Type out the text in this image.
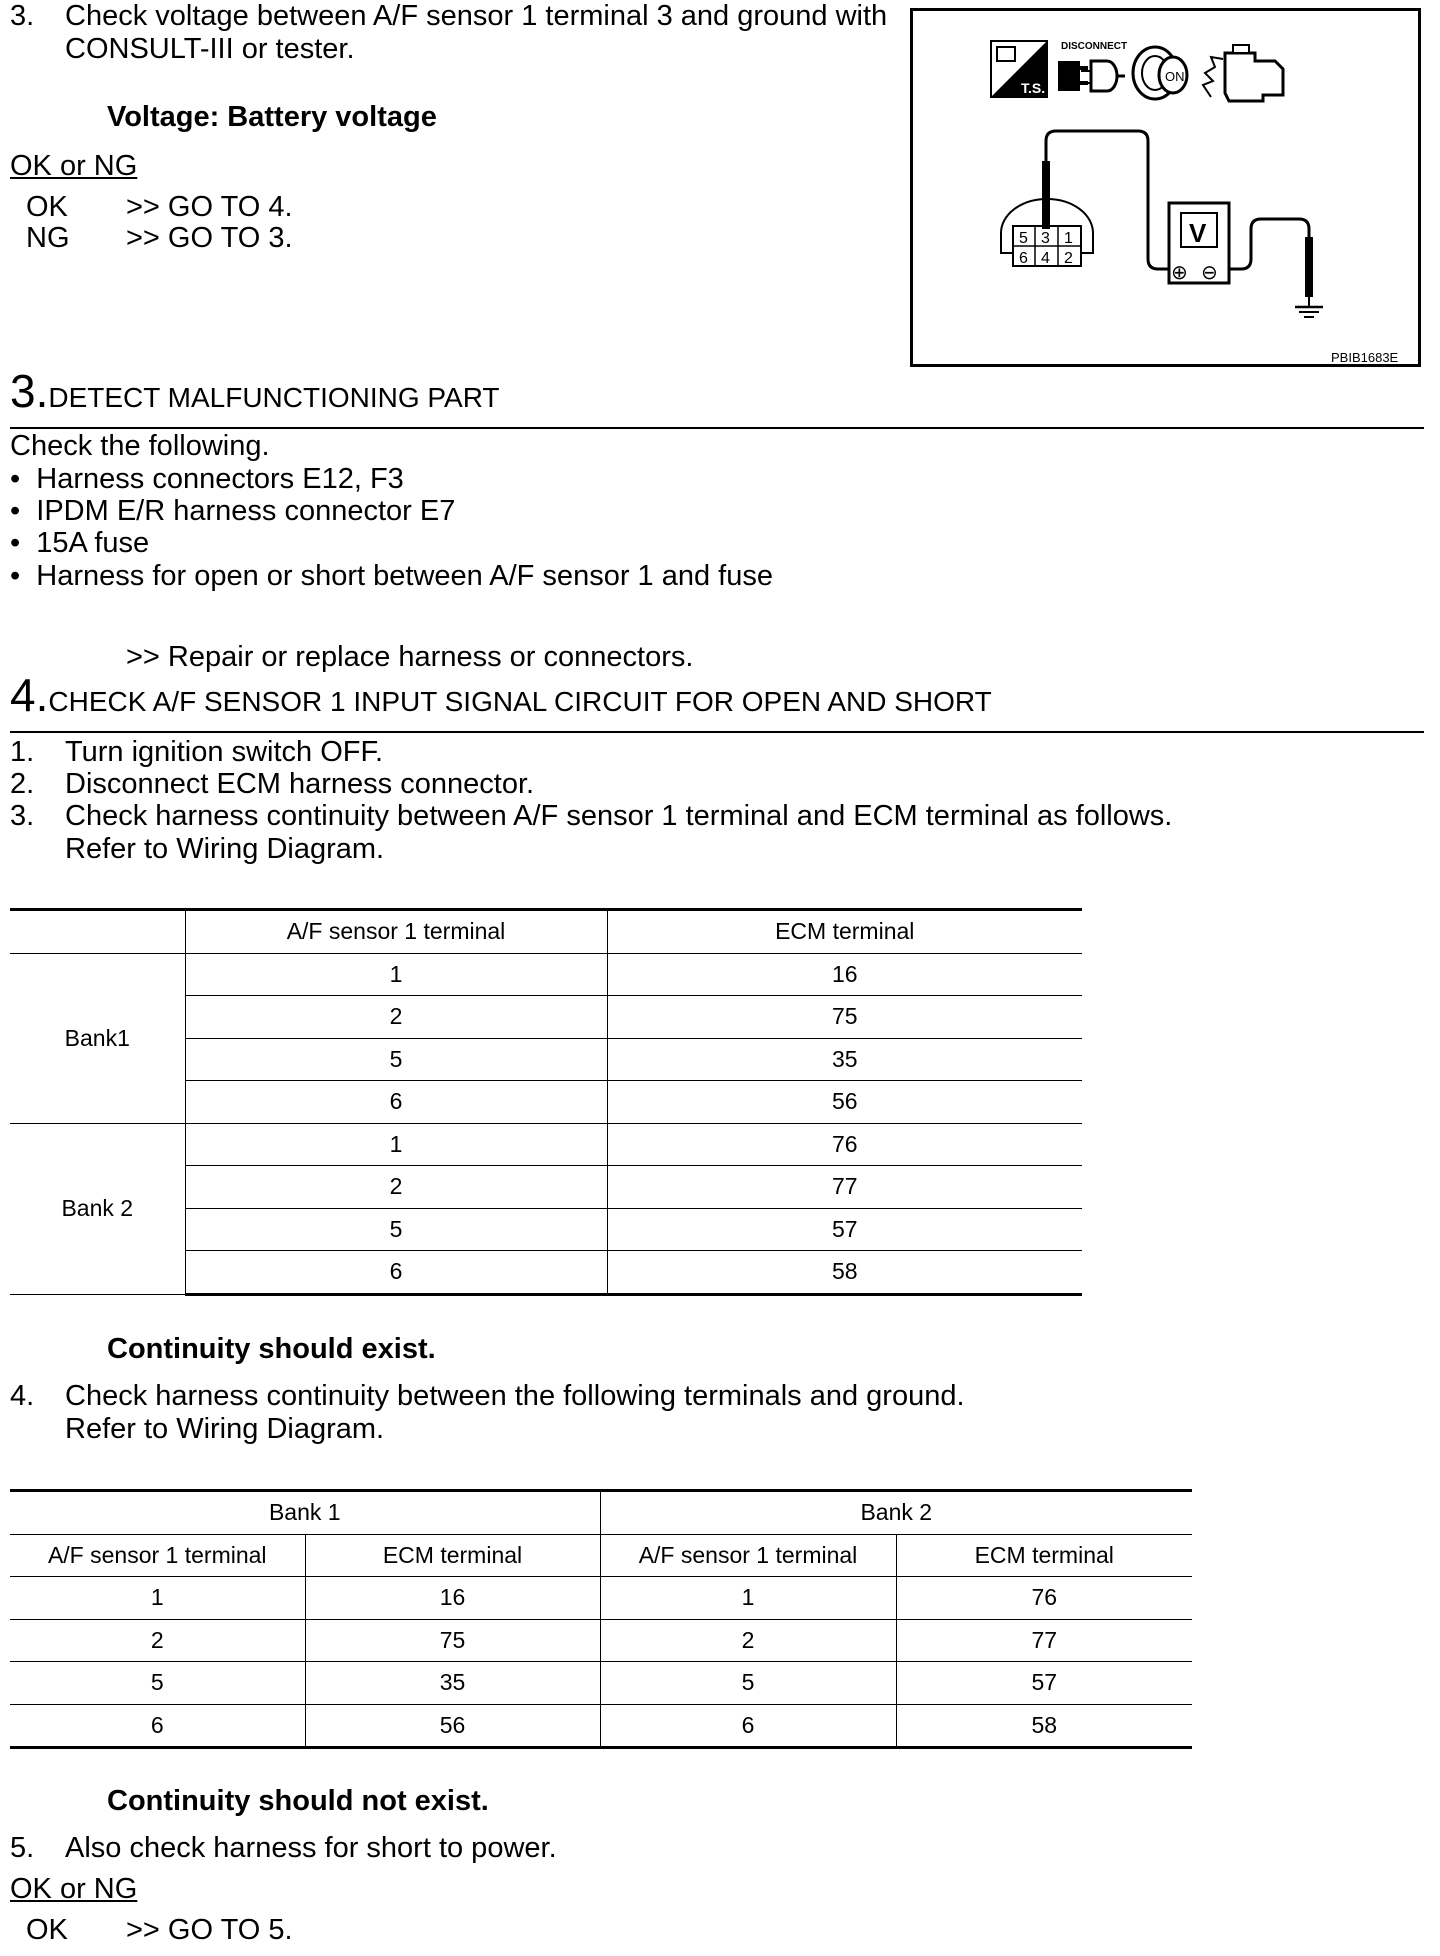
3. Check voltage between A/F sensor 1 terminal 3 and ground with
CONSULT-III or tester.
Voltage: Battery voltage
OK or NG
OK >> GO TO 4.
NG >> GO TO 3.
T.S.
DISCONNECT
ON
5 3 1
6 4 2
V
⊕ ⊖
PBIB1683E
3.DETECT MALFUNCTIONING PART
Check the following.
•  Harness connectors E12, F3
•  IPDM E/R harness connector E7
•  15A fuse
•  Harness for open or short between A/F sensor 1 and fuse
>> Repair or replace harness or connectors.
4.CHECK A/F SENSOR 1 INPUT SIGNAL CIRCUIT FOR OPEN AND SHORT
1. Turn ignition switch OFF.
2. Disconnect ECM harness connector.
3. Check harness continuity between A/F sensor 1 terminal and ECM terminal as follows.
Refer to Wiring Diagram.
	A/F sensor 1 terminal	ECM terminal
Bank1	1	16
	2	75
	5	35
	6	56
Bank 2	1	76
	2	77
	5	57
	6	58
Continuity should exist.
4. Check harness continuity between the following terminals and ground.
Refer to Wiring Diagram.
Bank 1		Bank 2	
A/F sensor 1 terminal	ECM terminal	A/F sensor 1 terminal	ECM terminal
1	16	1	76
2	75	2	77
5	35	5	57
6	56	6	58
Continuity should not exist.
5. Also check harness for short to power.
OK or NG
OK >> GO TO 5.
